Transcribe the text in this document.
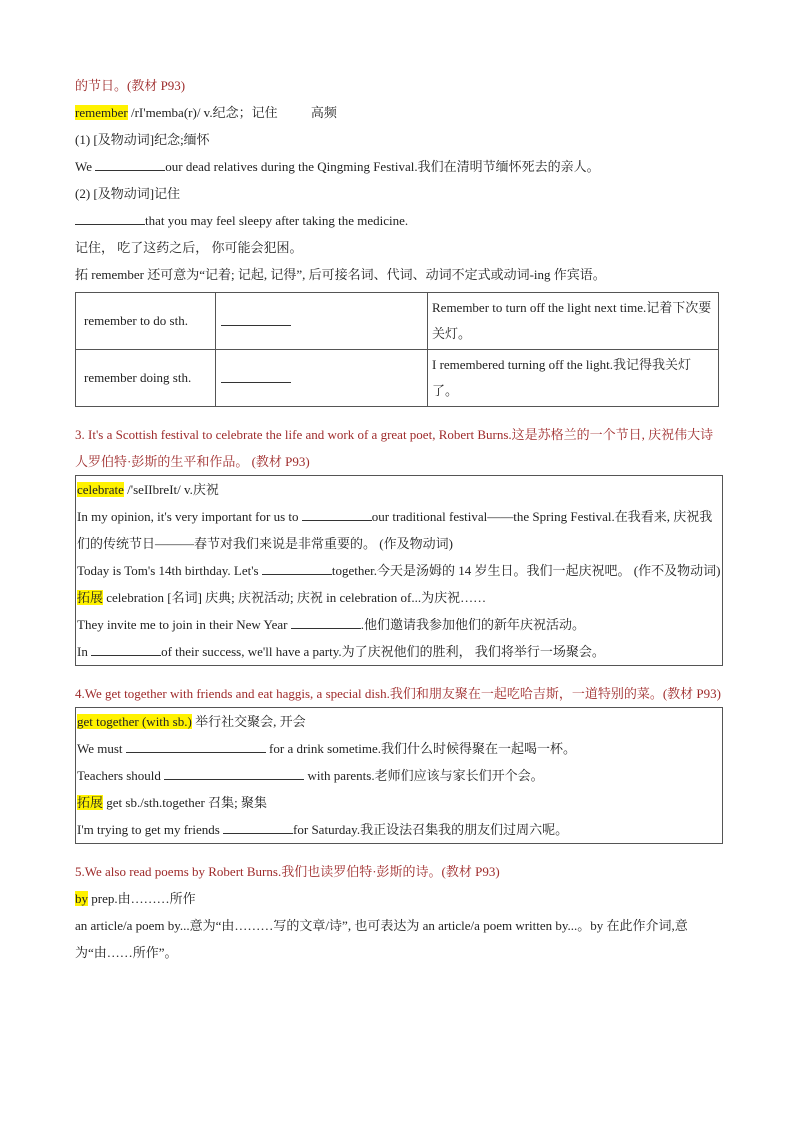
的节日。(教材 P93)
remember /rI'memba(r)/ v.纪念；记住	高频
(1) [及物动词]纪念;缅怀
We	our dead relatives during the Qingming Festival.我们在清明节缅怀死去的亲人。
(2) [及物动词]记住
that you may feel sleepy after taking the medicine.
记住， 吃了这药之后， 你可能会犯困。
拓 remember 还可意为“记着; 记起, 记得”, 后可接名词、代词、动词不定式或动词-ing 作宾语。
remember to do sth.		Remember to turn off the light next time.记着下次要关灯。
remember doing sth.		I remembered turning off the light.我记得我关灯了。
3. It's a Scottish festival to celebrate the life and work of a great poet, Robert Burns.这是苏格兰的一个节日, 庆祝伟大诗人罗伯特·彭斯的生平和作品。 (教材 P93)
celebrate /'seIIbreIt/ v.庆祝
In my opinion, it's very important for us to	our traditional festival——the Spring Festival.在我看来, 庆祝我们的传统节日———春节对我们来说是非常重要的。 (作及物动词)
Today is Tom's 14th birthday. Let's	together.今天是汤姆的 14 岁生日。我们一起庆祝吧。 (作不及物动词)
拓展 celebration [名词] 庆典; 庆祝活动; 庆祝 in celebration of...为庆祝……
They invite me to join in their New Year	.他们邀请我参加他们的新年庆祝活动。
In	of their success, we'll have a party.为了庆祝他们的胜利， 我们将举行一场聚会。
4.We get together with friends and eat haggis, a special dish.我们和朋友聚在一起吃哈吉斯，一道特别的菜。(教材 P93)
get together (with sb.) 举行社交聚会, 开会
We must	for a drink sometime.我们什么时候得聚在一起喝一杯。
Teachers should	with parents.老师们应该与家长们开个会。
拓展 get sb./sth.together 召集; 聚集
I'm trying to get my friends	for Saturday.我正设法召集我的朋友们过周六呢。
5.We also read poems by Robert Burns.我们也读罗伯特·彭斯的诗。(教材 P93)
by prep.由………所作
an article/a poem by...意为“由………写的文章/诗”, 也可表达为 an article/a poem written by...。by 在此作介词,意为“由……所作”。
